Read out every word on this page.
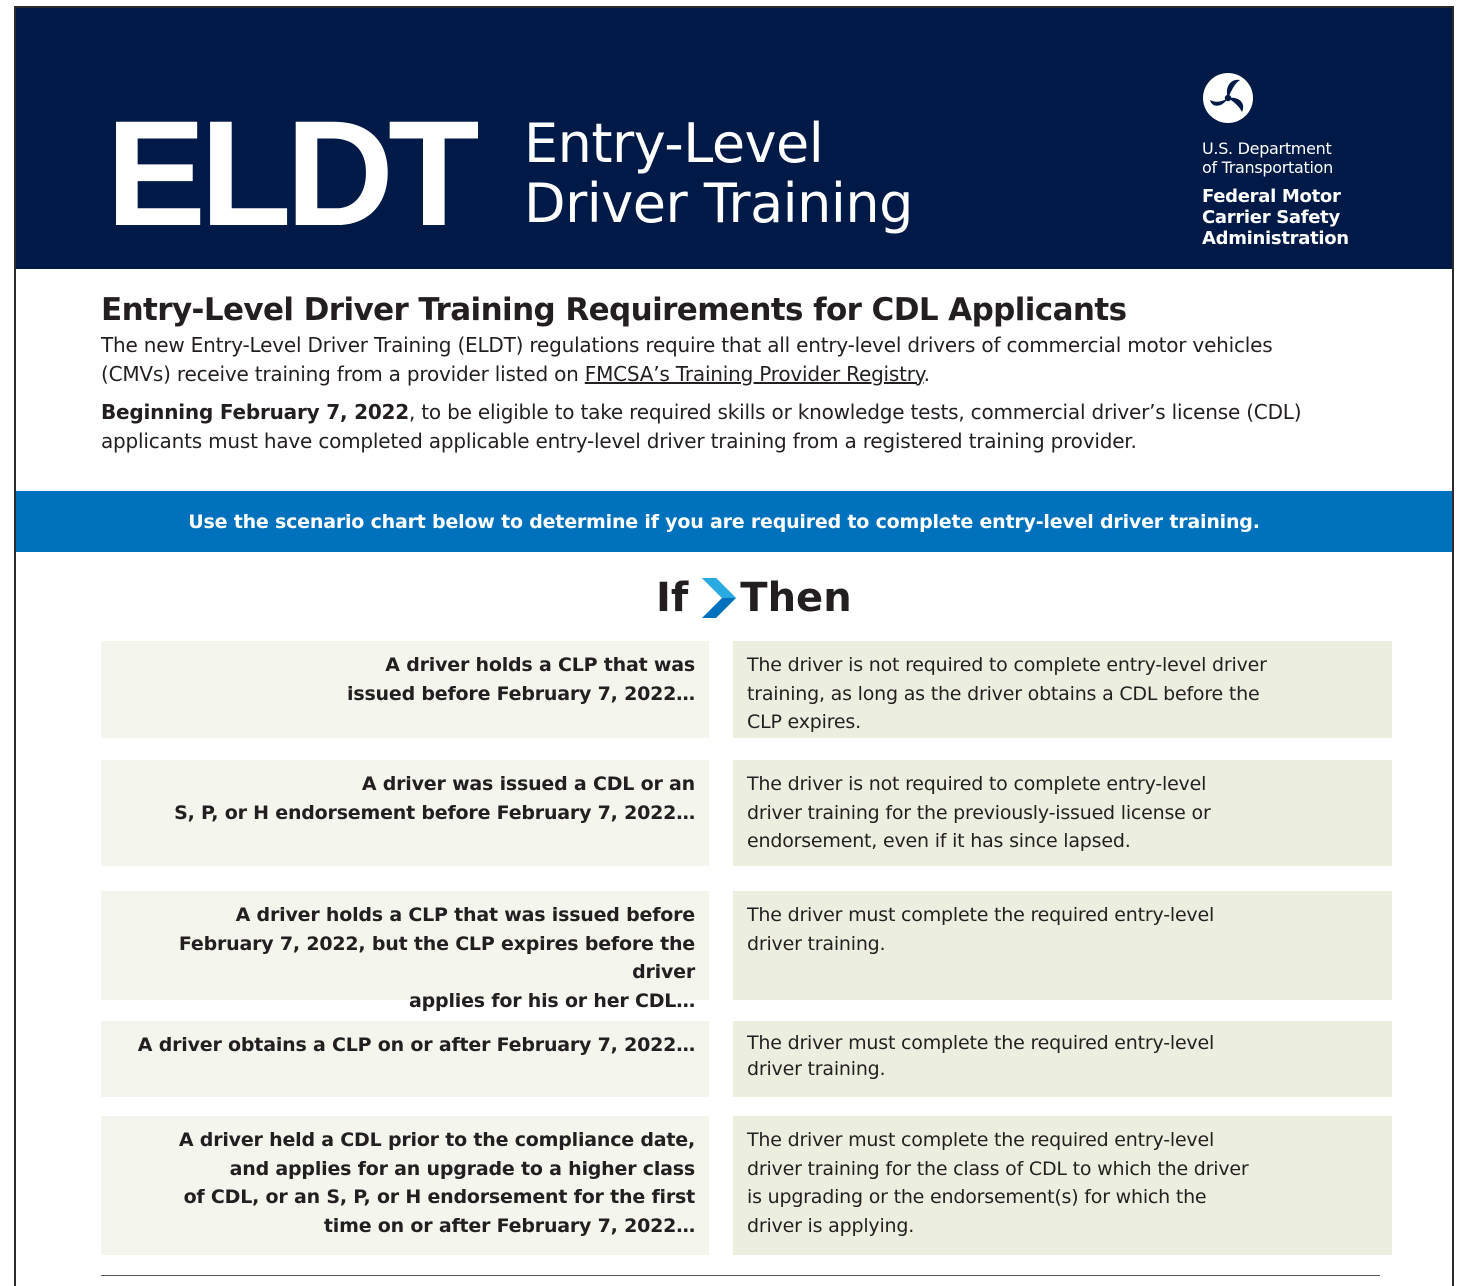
ELDT Entry-Level
Driver Training
U.S. Department
of Transportation
Federal Motor
Carrier Safety
Administration
Entry-Level Driver Training Requirements for CDL Applicants

The new Entry-Level Driver Training (ELDT) regulations require that all entry-level drivers of commercial motor vehicles
(CMVs) receive training from a provider listed on FMCSA’s Training Provider Registry.

Beginning February 7, 2022, to be eligible to take required skills or knowledge tests, commercial driver’s license (CDL)
applicants must have completed applicable entry-level driver training from a registered training provider.

Use the scenario chart below to determine if you are required to complete entry-level driver training.
If Then
A driver holds a CLP that was
issued before February 7, 2022…
The driver is not required to complete entry-level driver
training, as long as the driver obtains a CDL before the
CLP expires.
A driver was issued a CDL or an
S, P, or H endorsement before February 7, 2022…
The driver is not required to complete entry-level
driver training for the previously-issued license or
endorsement, even if it has since lapsed.
A driver holds a CLP that was issued before
February 7, 2022, but the CLP expires before the driver
applies for his or her CDL…
The driver must complete the required entry-level
driver training.
A driver obtains a CLP on or after February 7, 2022…	The driver must complete the required entry-level
driver training.
A driver held a CDL prior to the compliance date,
and applies for an upgrade to a higher class
of CDL, or an S, P, or H endorsement for the first
time on or after February 7, 2022…
The driver must complete the required entry-level
driver training for the class of CDL to which the driver
is upgrading or the endorsement(s) for which the
driver is applying.
